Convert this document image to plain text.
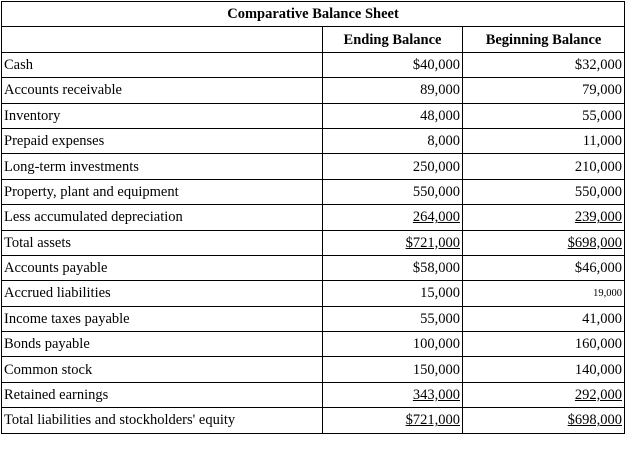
Comparative Balance Sheet		
	Ending Balance	Beginning Balance
Cash	$40,000	$32,000
Accounts receivable	89,000	79,000
Inventory	48,000	55,000
Prepaid expenses	8,000	11,000
Long-term investments	250,000	210,000
Property, plant and equipment	550,000	550,000
Less accumulated depreciation	264,000	239,000
Total assets	$721,000	$698,000
Accounts payable	$58,000	$46,000
Accrued liabilities	15,000	19,000
Income taxes payable	55,000	41,000
Bonds payable	100,000	160,000
Common stock	150,000	140,000
Retained earnings	343,000	292,000
Total liabilities and stockholders' equity	$721,000	$698,000
